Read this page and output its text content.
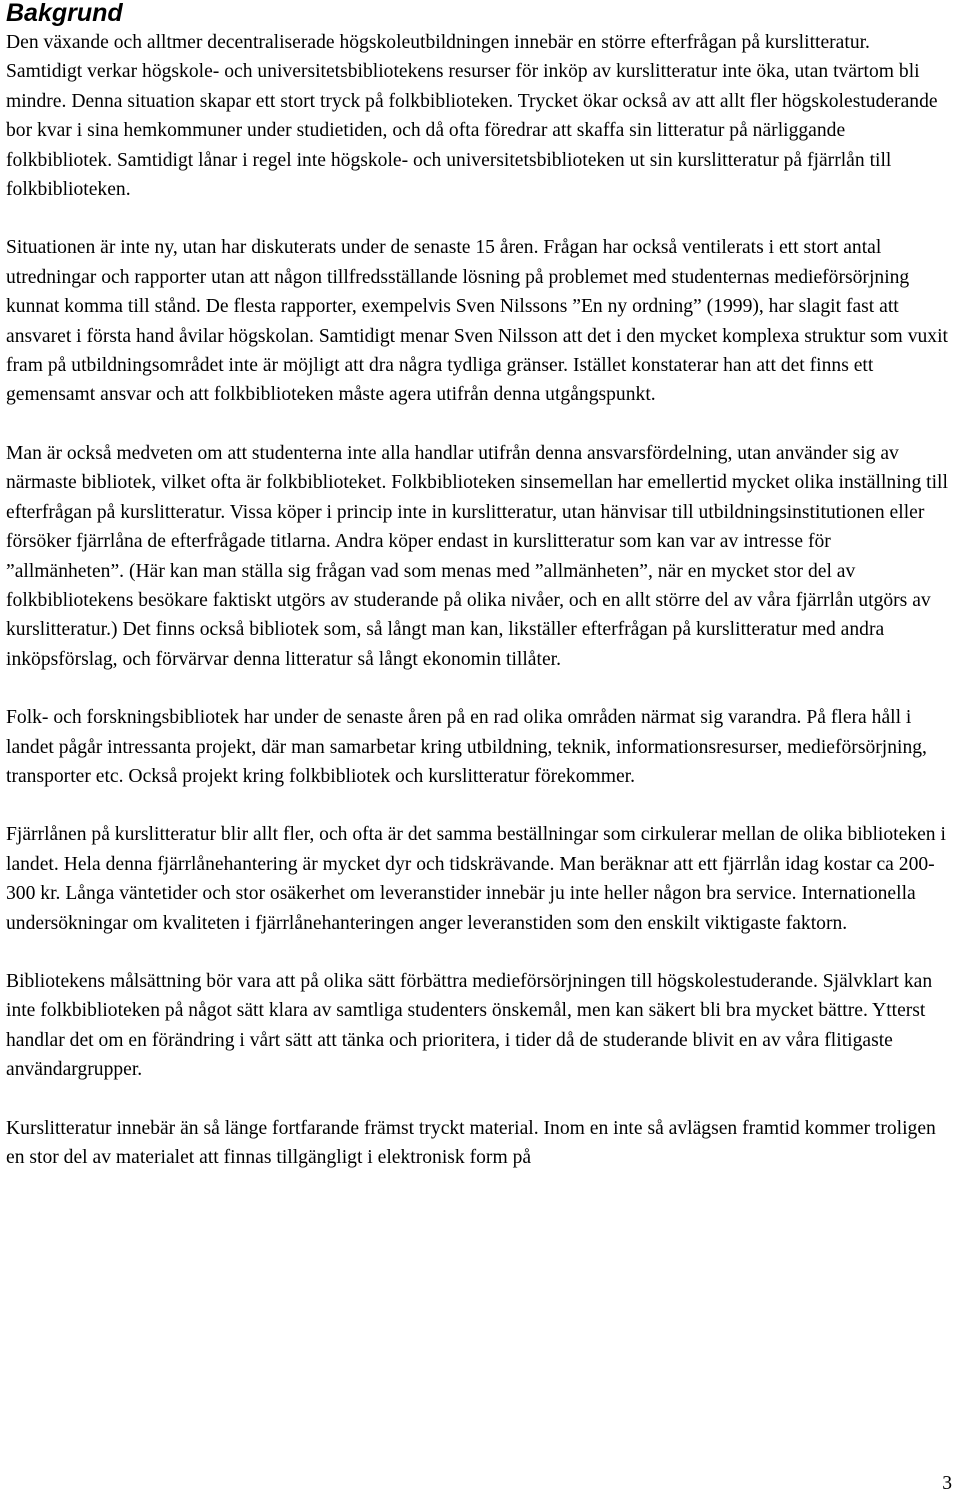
Bakgrund

Den växande och alltmer decentraliserade högskoleutbildningen innebär en större efterfrågan på kurslitteratur. Samtidigt verkar högskole- och universitetsbibliotekens resurser för inköp av kurslitteratur inte öka, utan tvärtom bli mindre. Denna situation skapar ett stort tryck på folkbiblioteken. Trycket ökar också av att allt fler högskolestuderande bor kvar i sina hemkommuner under studietiden, och då ofta föredrar att skaffa sin litteratur på närliggande folkbibliotek. Samtidigt lånar i regel inte högskole- och universitetsbiblioteken ut sin kurslitteratur på fjärrlån till folkbiblioteken.

Situationen är inte ny, utan har diskuterats under de senaste 15 åren. Frågan har också ventilerats i ett stort antal utredningar och rapporter utan att någon tillfredsställande lösning på problemet med studenternas medieförsörjning kunnat komma till stånd. De flesta rapporter, exempelvis Sven Nilssons ”En ny ordning” (1999), har slagit fast att ansvaret i första hand åvilar högskolan. Samtidigt menar Sven Nilsson att det i den mycket komplexa struktur som vuxit fram på utbildningsområdet inte är möjligt att dra några tydliga gränser. Istället konstaterar han att det finns ett gemensamt ansvar och att folkbiblioteken måste agera utifrån denna utgångspunkt.

Man är också medveten om att studenterna inte alla handlar utifrån denna ansvarsfördelning, utan använder sig av närmaste bibliotek, vilket ofta är folkbiblioteket. Folkbiblioteken sinsemellan har emellertid mycket olika inställning till efterfrågan på kurslitteratur. Vissa köper i princip inte in kurslitteratur, utan hänvisar till utbildningsinstitutionen eller försöker fjärrlåna de efterfrågade titlarna. Andra köper endast in kurslitteratur som kan var av intresse för ”allmänheten”. (Här kan man ställa sig frågan vad som menas med ”allmänheten”, när en mycket stor del av folkbibliotekens besökare faktiskt utgörs av studerande på olika nivåer, och en allt större del av våra fjärrlån utgörs av kurslitteratur.) Det finns också bibliotek som, så långt man kan, likställer efterfrågan på kurslitteratur med andra inköpsförslag, och förvärvar denna litteratur så långt ekonomin tillåter.

Folk- och forskningsbibliotek har under de senaste åren på en rad olika områden närmat sig varandra. På flera håll i landet pågår intressanta projekt, där man samarbetar kring utbildning, teknik, informationsresurser, medieförsörjning, transporter etc. Också projekt kring folkbibliotek och kurslitteratur förekommer.

Fjärrlånen på kurslitteratur blir allt fler, och ofta är det samma beställningar som cirkulerar mellan de olika biblioteken i landet. Hela denna fjärrlånehantering är mycket dyr och tidskrävande. Man beräknar att ett fjärrlån idag kostar ca 200-300 kr. Långa väntetider och stor osäkerhet om leveranstider innebär ju inte heller någon bra service. Internationella undersökningar om kvaliteten i fjärrlånehanteringen anger leveranstiden som den enskilt viktigaste faktorn.

Bibliotekens målsättning bör vara att på olika sätt förbättra medieförsörjningen till högskolestuderande. Självklart kan inte folkbiblioteken på något sätt klara av samtliga studenters önskemål, men kan säkert bli bra mycket bättre. Ytterst handlar det om en förändring i vårt sätt att tänka och prioritera, i tider då de studerande blivit en av våra flitigaste användargrupper.

Kurslitteratur innebär än så länge fortfarande främst tryckt material. Inom en inte så avlägsen framtid kommer troligen en stor del av materialet att finnas tillgängligt i elektronisk form på

3
